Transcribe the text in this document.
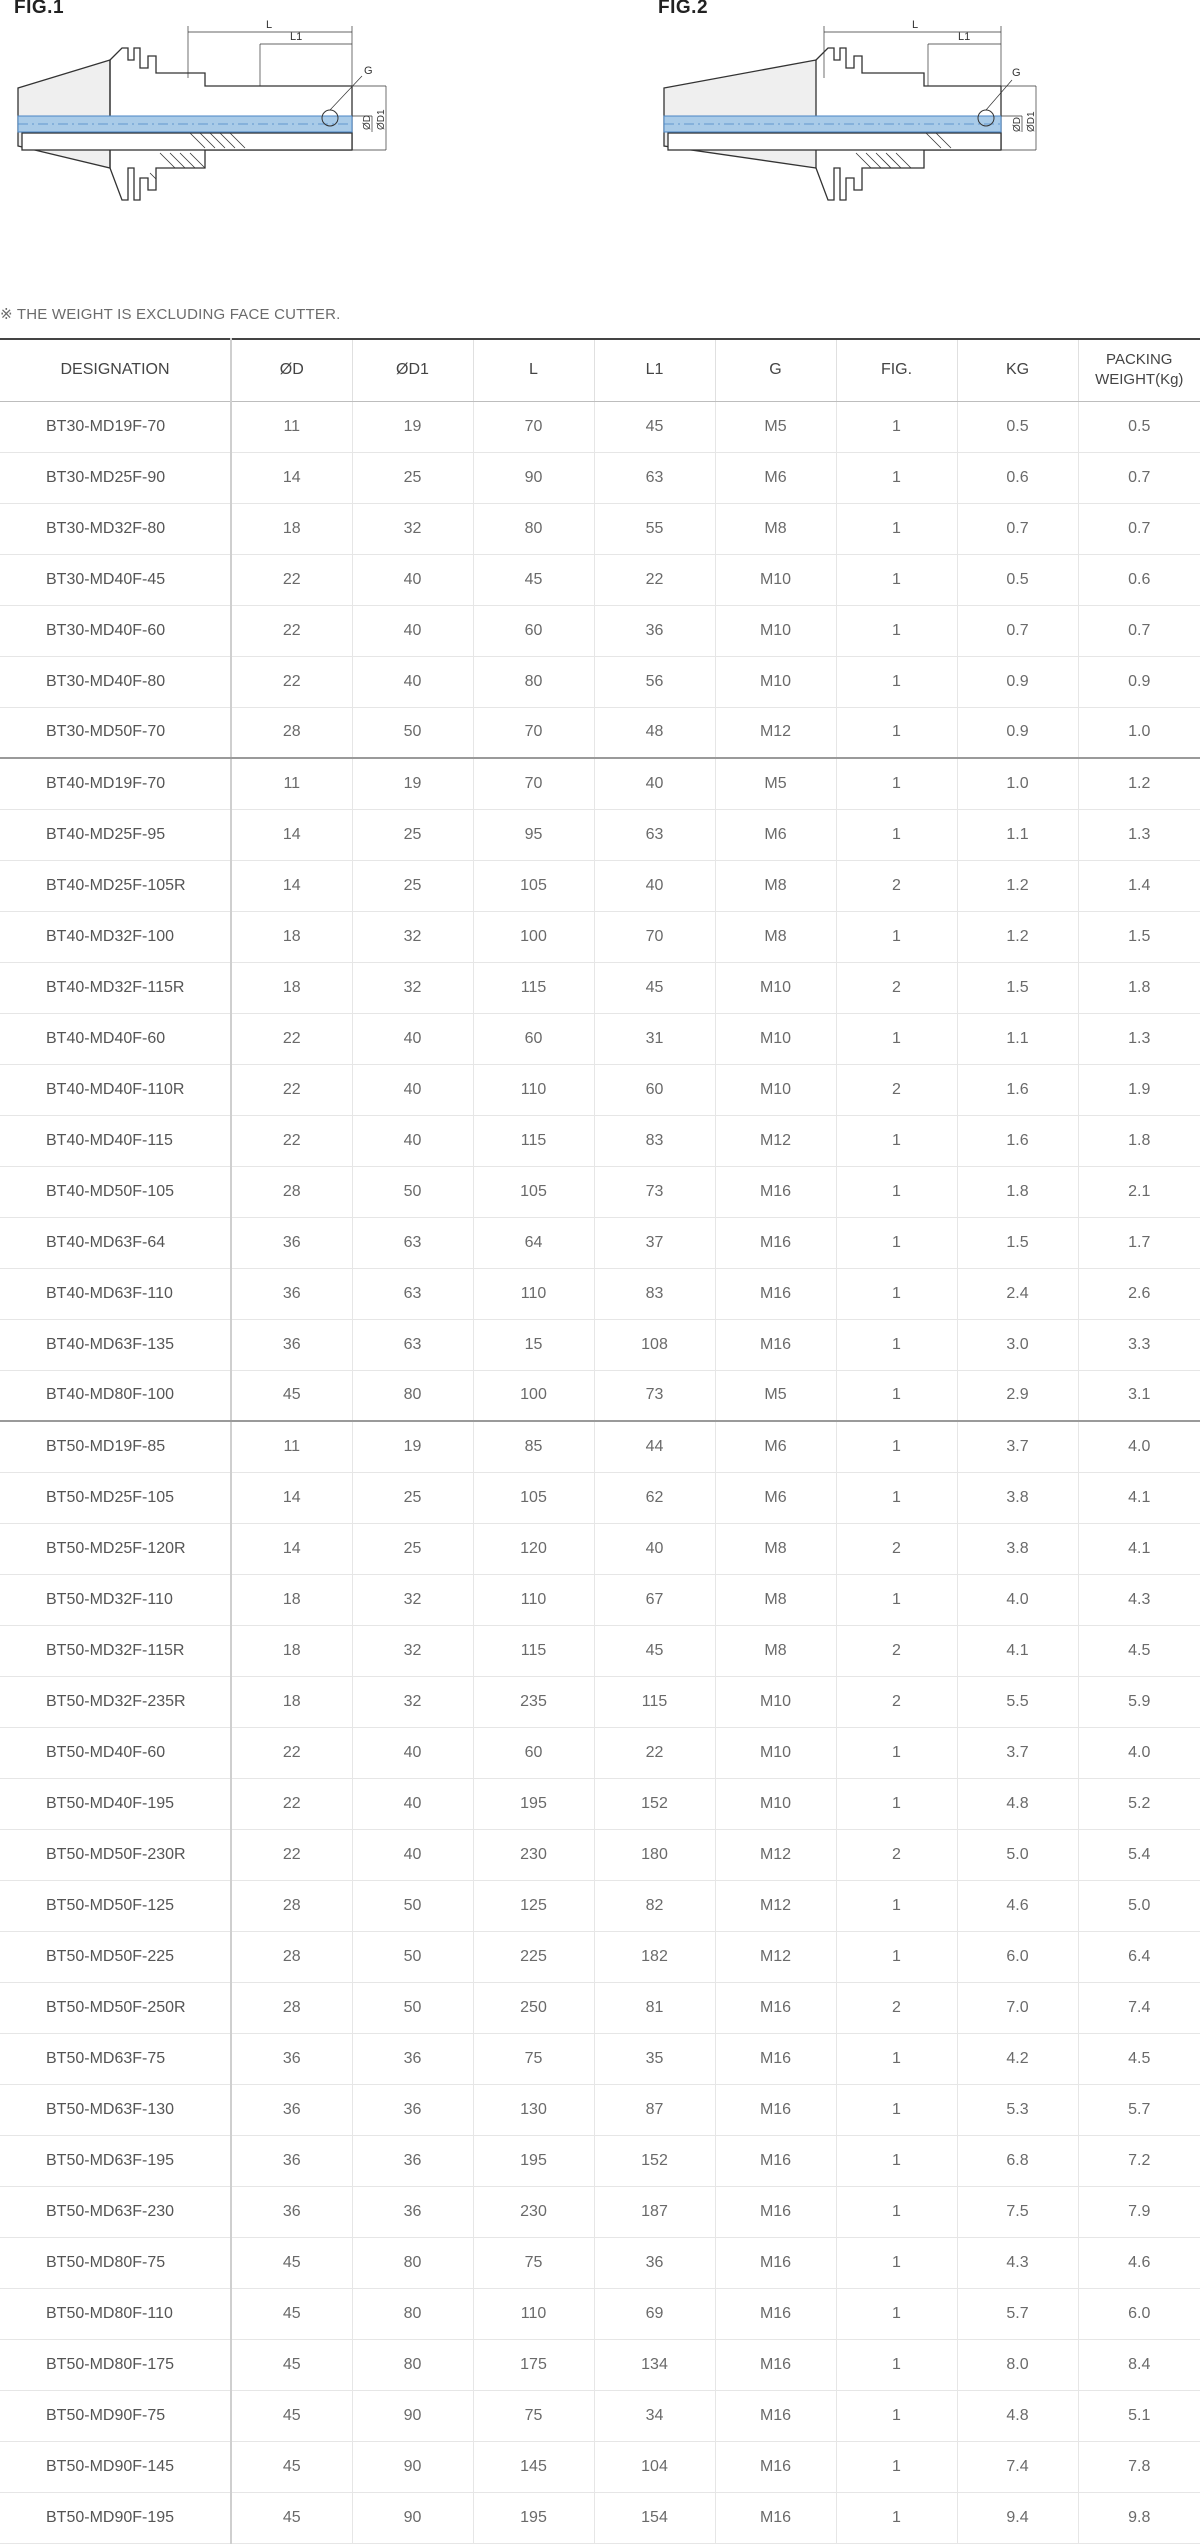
FIG.1
L
L1
G
ØD ØD1
FIG.2
L
L1
G
ØD ØD1
※ THE WEIGHT IS EXCLUDING FACE CUTTER.
DESIGNATION	ØD	ØD1	L	L1	G	FIG.	KG	PACKING WEIGHT(Kg)
BT30-MD19F-70	11	19	70	45	M5	1	0.5	0.5
BT30-MD25F-90	14	25	90	63	M6	1	0.6	0.7
BT30-MD32F-80	18	32	80	55	M8	1	0.7	0.7
BT30-MD40F-45	22	40	45	22	M10	1	0.5	0.6
BT30-MD40F-60	22	40	60	36	M10	1	0.7	0.7
BT30-MD40F-80	22	40	80	56	M10	1	0.9	0.9
BT30-MD50F-70	28	50	70	48	M12	1	0.9	1.0
BT40-MD19F-70	11	19	70	40	M5	1	1.0	1.2
BT40-MD25F-95	14	25	95	63	M6	1	1.1	1.3
BT40-MD25F-105R	14	25	105	40	M8	2	1.2	1.4
BT40-MD32F-100	18	32	100	70	M8	1	1.2	1.5
BT40-MD32F-115R	18	32	115	45	M10	2	1.5	1.8
BT40-MD40F-60	22	40	60	31	M10	1	1.1	1.3
BT40-MD40F-110R	22	40	110	60	M10	2	1.6	1.9
BT40-MD40F-115	22	40	115	83	M12	1	1.6	1.8
BT40-MD50F-105	28	50	105	73	M16	1	1.8	2.1
BT40-MD63F-64	36	63	64	37	M16	1	1.5	1.7
BT40-MD63F-110	36	63	110	83	M16	1	2.4	2.6
BT40-MD63F-135	36	63	15	108	M16	1	3.0	3.3
BT40-MD80F-100	45	80	100	73	M5	1	2.9	3.1
BT50-MD19F-85	11	19	85	44	M6	1	3.7	4.0
BT50-MD25F-105	14	25	105	62	M6	1	3.8	4.1
BT50-MD25F-120R	14	25	120	40	M8	2	3.8	4.1
BT50-MD32F-110	18	32	110	67	M8	1	4.0	4.3
BT50-MD32F-115R	18	32	115	45	M8	2	4.1	4.5
BT50-MD32F-235R	18	32	235	115	M10	2	5.5	5.9
BT50-MD40F-60	22	40	60	22	M10	1	3.7	4.0
BT50-MD40F-195	22	40	195	152	M10	1	4.8	5.2
BT50-MD50F-230R	22	40	230	180	M12	2	5.0	5.4
BT50-MD50F-125	28	50	125	82	M12	1	4.6	5.0
BT50-MD50F-225	28	50	225	182	M12	1	6.0	6.4
BT50-MD50F-250R	28	50	250	81	M16	2	7.0	7.4
BT50-MD63F-75	36	36	75	35	M16	1	4.2	4.5
BT50-MD63F-130	36	36	130	87	M16	1	5.3	5.7
BT50-MD63F-195	36	36	195	152	M16	1	6.8	7.2
BT50-MD63F-230	36	36	230	187	M16	1	7.5	7.9
BT50-MD80F-75	45	80	75	36	M16	1	4.3	4.6
BT50-MD80F-110	45	80	110	69	M16	1	5.7	6.0
BT50-MD80F-175	45	80	175	134	M16	1	8.0	8.4
BT50-MD90F-75	45	90	75	34	M16	1	4.8	5.1
BT50-MD90F-145	45	90	145	104	M16	1	7.4	7.8
BT50-MD90F-195	45	90	195	154	M16	1	9.4	9.8
